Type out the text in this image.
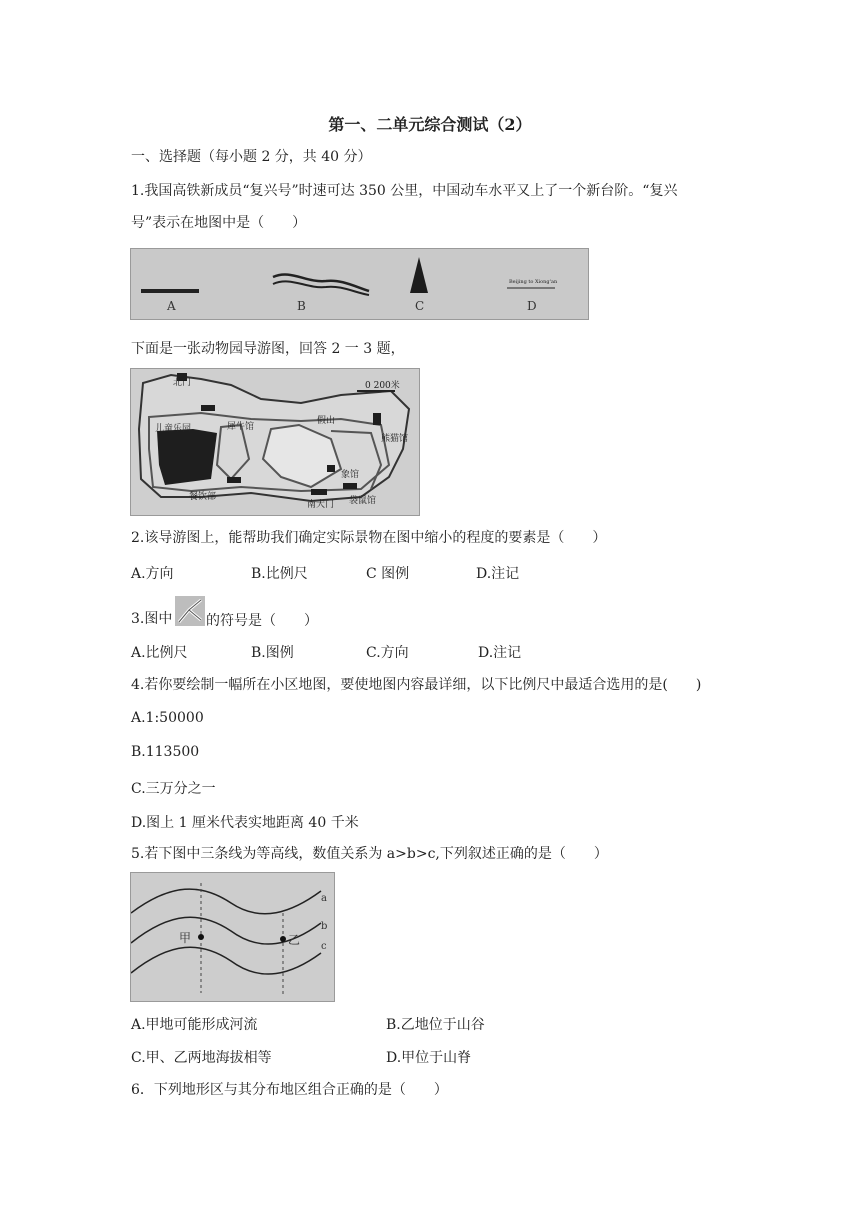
第一、二单元综合测试（2）
一、选择题（每小题 2 分，共 40 分）
1.我国高铁新成员“复兴号”时速可达 350 公里，中国动车水平又上了一个新台阶。“复兴
号”表示在地图中是（　　）
A	B	C	D
Beijing to Xiong'an
下面是一张动物园导游图，回答 2 一 3 题，
北门	0 200米
儿童乐园	犀牛馆
假山
熊猫馆
象馆
餐饮部
南大门 袋鼠馆
2.该导游图上，能帮助我们确定实际景物在图中缩小的程度的要素是（　　）
A.方向	B.比例尺	C 图例	D.注记
3.图中 的符号是（　　）
A.比例尺	B.图例	C.方向	D.注记
4.若你要绘制一幅所在小区地图，要使地图内容最详细，以下比例尺中最适合选用的是(　　)
A.1:50000
B.113500
C.三万分之一
D.图上 1 厘米代表实地距离 40 千米
5.若下图中三条线为等高线，数值关系为 a>b>c,下列叙述正确的是（　　）
a
b
c
甲	乙
A.甲地可能形成河流	B.乙地位于山谷
C.甲、乙两地海拔相等	D.甲位于山脊
6．下列地形区与其分布地区组合正确的是（　　）
